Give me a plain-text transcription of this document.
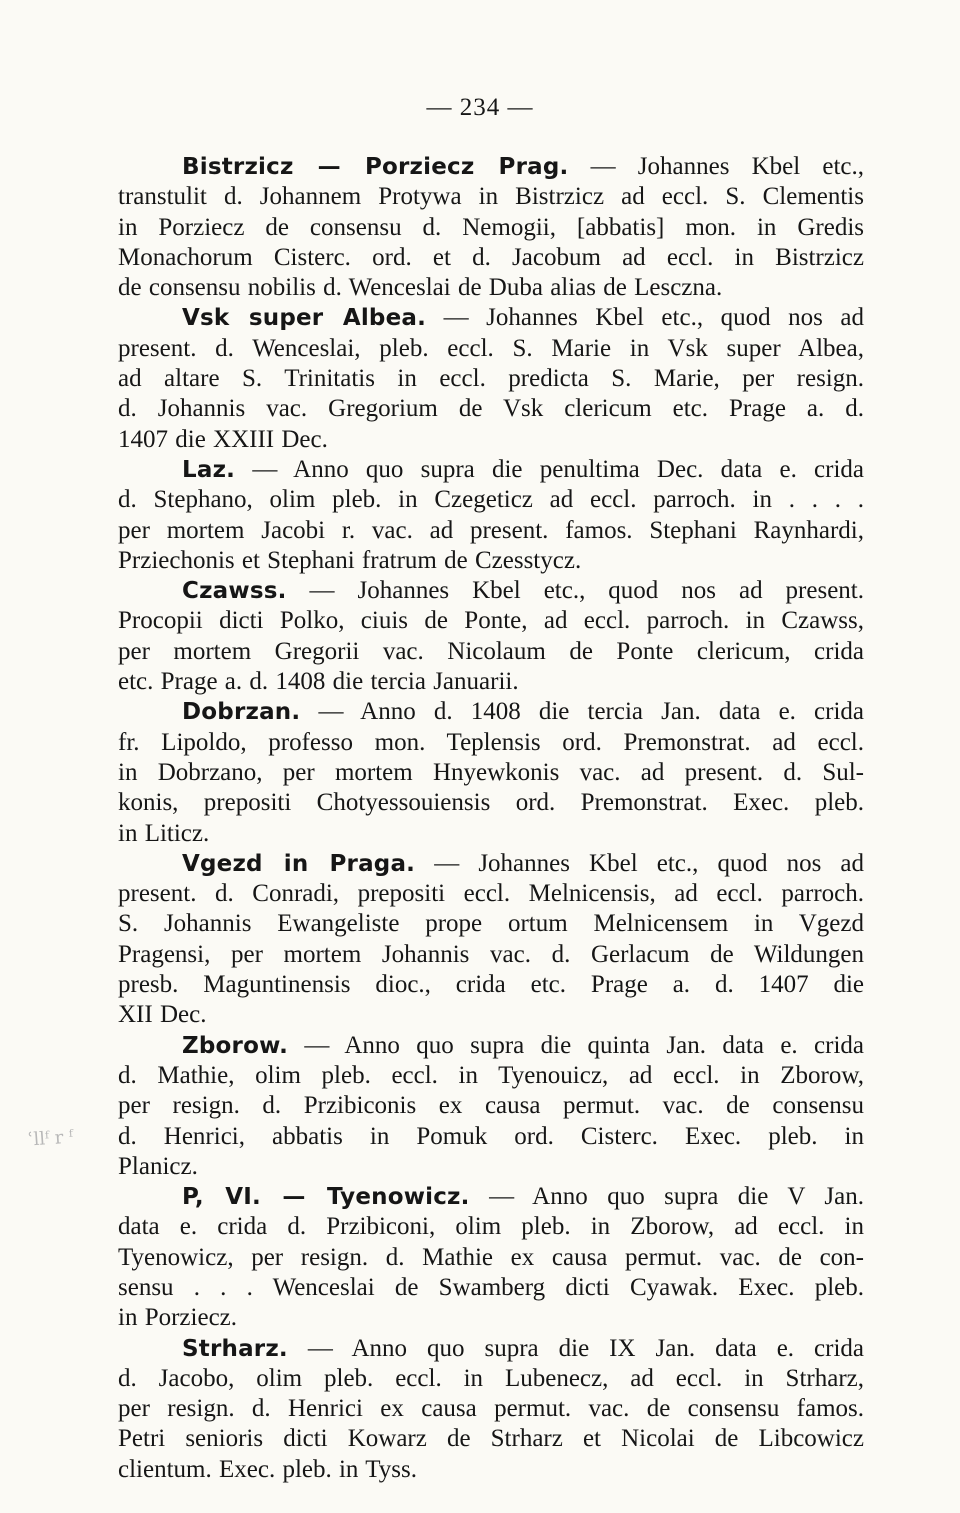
— 234 —
ʿllᶠ r ᶠ
Bistrzicz — Porziecz Prag. — Johannes Kbel etc.,
transtulit d. Johannem Protywa in Bistrzicz ad eccl. S. Clementis
in Porziecz de consensu d. Nemogii, [abbatis] mon. in Gredis
Monachorum Cisterc. ord. et d. Jacobum ad eccl. in Bistrzicz
de consensu nobilis d. Wenceslai de Duba alias de Lesczna.
Vsk super Albea. — Johannes Kbel etc., quod nos ad
present. d. Wenceslai, pleb. eccl. S. Marie in Vsk super Albea,
ad altare S. Trinitatis in eccl. predicta S. Marie, per resign.
d. Johannis vac. Gregorium de Vsk clericum etc. Prage a. d.
1407 die XXIII Dec.
Laz. — Anno quo supra die penultima Dec. data e. crida
d. Stephano, olim pleb. in Czegeticz ad eccl. parroch. in . . . .
per mortem Jacobi r. vac. ad present. famos. Stephani Raynhardi,
Prziechonis et Stephani fratrum de Czesstycz.
Czawss. — Johannes Kbel etc., quod nos ad present.
Procopii dicti Polko, ciuis de Ponte, ad eccl. parroch. in Czawss,
per mortem Gregorii vac. Nicolaum de Ponte clericum, crida
etc. Prage a. d. 1408 die tercia Januarii.
Dobrzan. — Anno d. 1408 die tercia Jan. data e. crida
fr. Lipoldo, professo mon. Teplensis ord. Premonstrat. ad eccl.
in Dobrzano, per mortem Hnyewkonis vac. ad present. d. Sul-
konis, prepositi Chotyessouiensis ord. Premonstrat. Exec. pleb.
in Liticz.
Vgezd in Praga. — Johannes Kbel etc., quod nos ad
present. d. Conradi, prepositi eccl. Melnicensis, ad eccl. parroch.
S. Johannis Ewangeliste prope ortum Melnicensem in Vgezd
Pragensi, per mortem Johannis vac. d. Gerlacum de Wildungen
presb. Maguntinensis dioc., crida etc. Prage a. d. 1407 die
XII Dec.
Zborow. — Anno quo supra die quinta Jan. data e. crida
d. Mathie, olim pleb. eccl. in Tyenouicz, ad eccl. in Zborow,
per resign. d. Przibiconis ex causa permut. vac. de consensu
d. Henrici, abbatis in Pomuk ord. Cisterc. Exec. pleb. in
Planicz.
P, VI. — Tyenowicz. — Anno quo supra die V Jan.
data e. crida d. Przibiconi, olim pleb. in Zborow, ad eccl. in
Tyenowicz, per resign. d. Mathie ex causa permut. vac. de con-
sensu . . . Wenceslai de Swamberg dicti Cyawak. Exec. pleb.
in Porziecz.
Strharz. — Anno quo supra die IX Jan. data e. crida
d. Jacobo, olim pleb. eccl. in Lubenecz, ad eccl. in Strharz,
per resign. d. Henrici ex causa permut. vac. de consensu famos.
Petri senioris dicti Kowarz de Strharz et Nicolai de Libcowicz
clientum. Exec. pleb. in Tyss.
